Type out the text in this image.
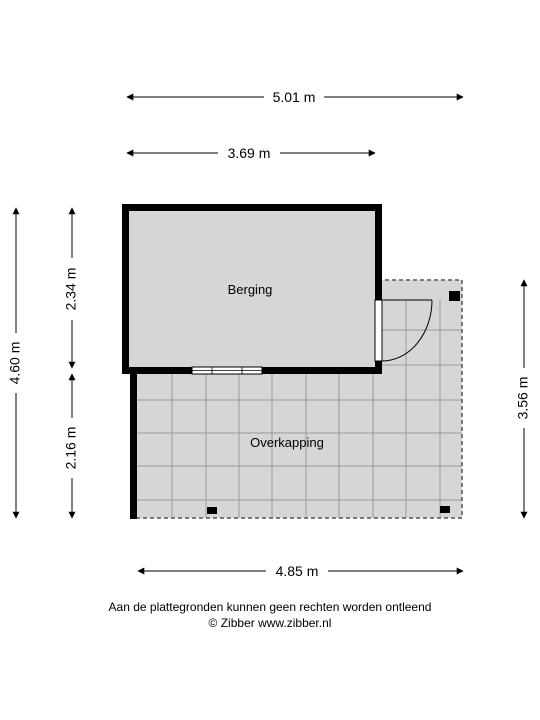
Berging
Overkapping
5.01 m
3.69 m
4.60 m
2.34 m
2.16 m
3.56 m
4.85 m
Aan de plattegronden kunnen geen rechten worden ontleend
© Zibber www.zibber.nl
